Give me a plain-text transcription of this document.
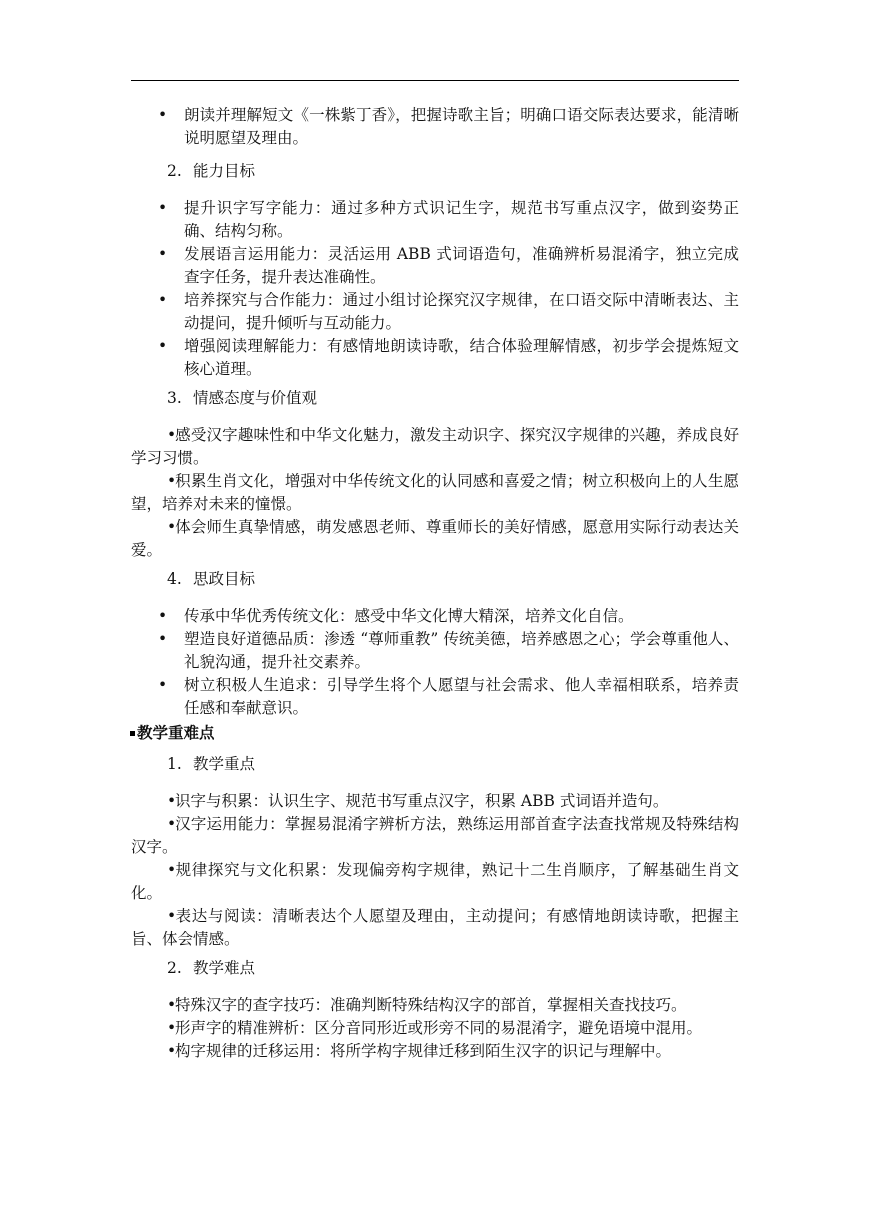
• 朗读并理解短文《一株紫丁香》，把握诗歌主旨；明确口语交际表达要求，能清晰说明愿望及理由。
2. 能力目标
• 提升识字写字能力：通过多种方式识记生字，规范书写重点汉字，做到姿势正确、结构匀称。
• 发展语言运用能力：灵活运用 ABB 式词语造句，准确辨析易混淆字，独立完成查字任务，提升表达准确性。
• 培养探究与合作能力：通过小组讨论探究汉字规律，在口语交际中清晰表达、主动提问，提升倾听与互动能力。
• 增强阅读理解能力：有感情地朗读诗歌，结合体验理解情感，初步学会提炼短文核心道理。
3. 情感态度与价值观
•感受汉字趣味性和中华文化魅力，激发主动识字、探究汉字规律的兴趣，养成良好学习习惯。
•积累生肖文化，增强对中华传统文化的认同感和喜爱之情；树立积极向上的人生愿望，培养对未来的憧憬。
•体会师生真挚情感，萌发感恩老师、尊重师长的美好情感，愿意用实际行动表达关爱。
4. 思政目标
• 传承中华优秀传统文化：感受中华文化博大精深，培养文化自信。
• 塑造良好道德品质：渗透 “尊师重教” 传统美德，培养感恩之心；学会尊重他人、礼貌沟通，提升社交素养。
• 树立积极人生追求：引导学生将个人愿望与社会需求、他人幸福相联系，培养责任感和奉献意识。
教学重难点
1. 教学重点
•识字与积累：认识生字、规范书写重点汉字，积累 ABB 式词语并造句。
•汉字运用能力：掌握易混淆字辨析方法，熟练运用部首查字法查找常规及特殊结构汉字。
•规律探究与文化积累：发现偏旁构字规律，熟记十二生肖顺序，了解基础生肖文化。
•表达与阅读：清晰表达个人愿望及理由，主动提问；有感情地朗读诗歌，把握主旨、体会情感。
2. 教学难点
•特殊汉字的查字技巧：准确判断特殊结构汉字的部首，掌握相关查找技巧。
•形声字的精准辨析：区分音同形近或形旁不同的易混淆字，避免语境中混用。
•构字规律的迁移运用：将所学构字规律迁移到陌生汉字的识记与理解中。
